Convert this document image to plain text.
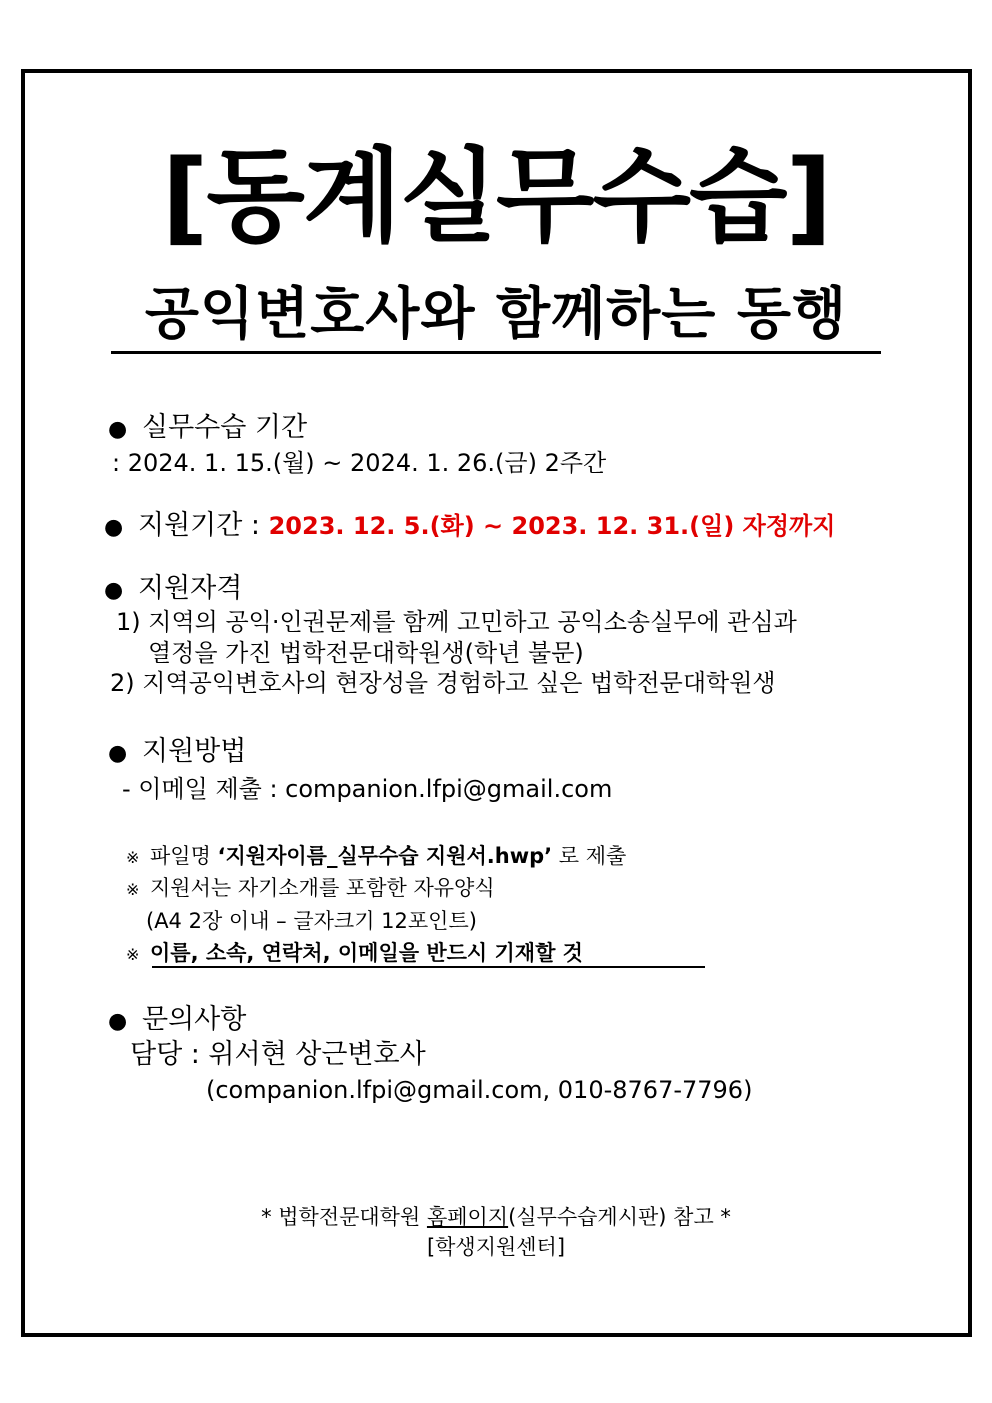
[동계실무수습]
공익변호사와 함께하는 동행
● 실무수습 기간
: 2024. 1. 15.(월) ~ 2024. 1. 26.(금) 2주간
● 지원기간 : 2023. 12. 5.(화) ~ 2023. 12. 31.(일) 자정까지
● 지원자격
1) 지역의 공익·인권문제를 함께 고민하고 공익소송실무에 관심과
열정을 가진 법학전문대학원생(학년 불문)
2) 지역공익변호사의 현장성을 경험하고 싶은 법학전문대학원생
● 지원방법
- 이메일 제출 : companion.lfpi@gmail.com
※ 파일명 ‘지원자이름_실무수습 지원서.hwp’ 로 제출
※ 지원서는 자기소개를 포함한 자유양식
(A4 2장 이내 – 글자크기 12포인트)
※ 이름, 소속, 연락처, 이메일을 반드시 기재할 것
● 문의사항
담당 : 위서현 상근변호사
(companion.lfpi@gmail.com, 010-8767-7796)
* 법학전문대학원 홈페이지(실무수습게시판) 참고 *
[학생지원센터]
